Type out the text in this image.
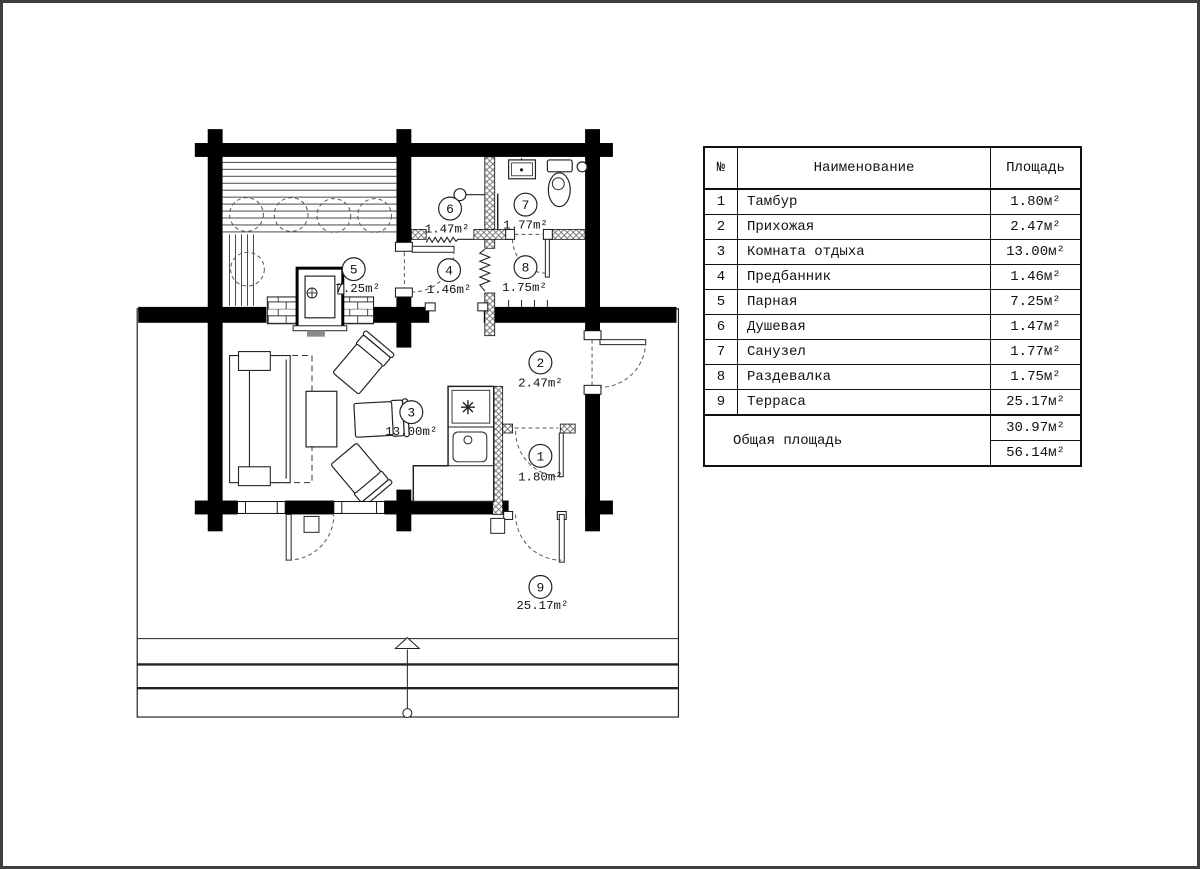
1
1.80m²
2
2.47m²
3
13.00m²
4
1.46m²
5
7.25m²
6
1.47m²
7
1.77m²
8
1.75m²
9
25.17m²
№	Наименование	Площадь
1	Тамбур	1.80м²
2	Прихожая	2.47м²
3	Комната отдыха	13.00м²
4	Предбанник	1.46м²
5	Парная	7.25м²
6	Душевая	1.47м²
7	Санузел	1.77м²
8	Раздевалка	1.75м²
9	Терраса	25.17м²
Общая площадь		30.97м²
		56.14м²
